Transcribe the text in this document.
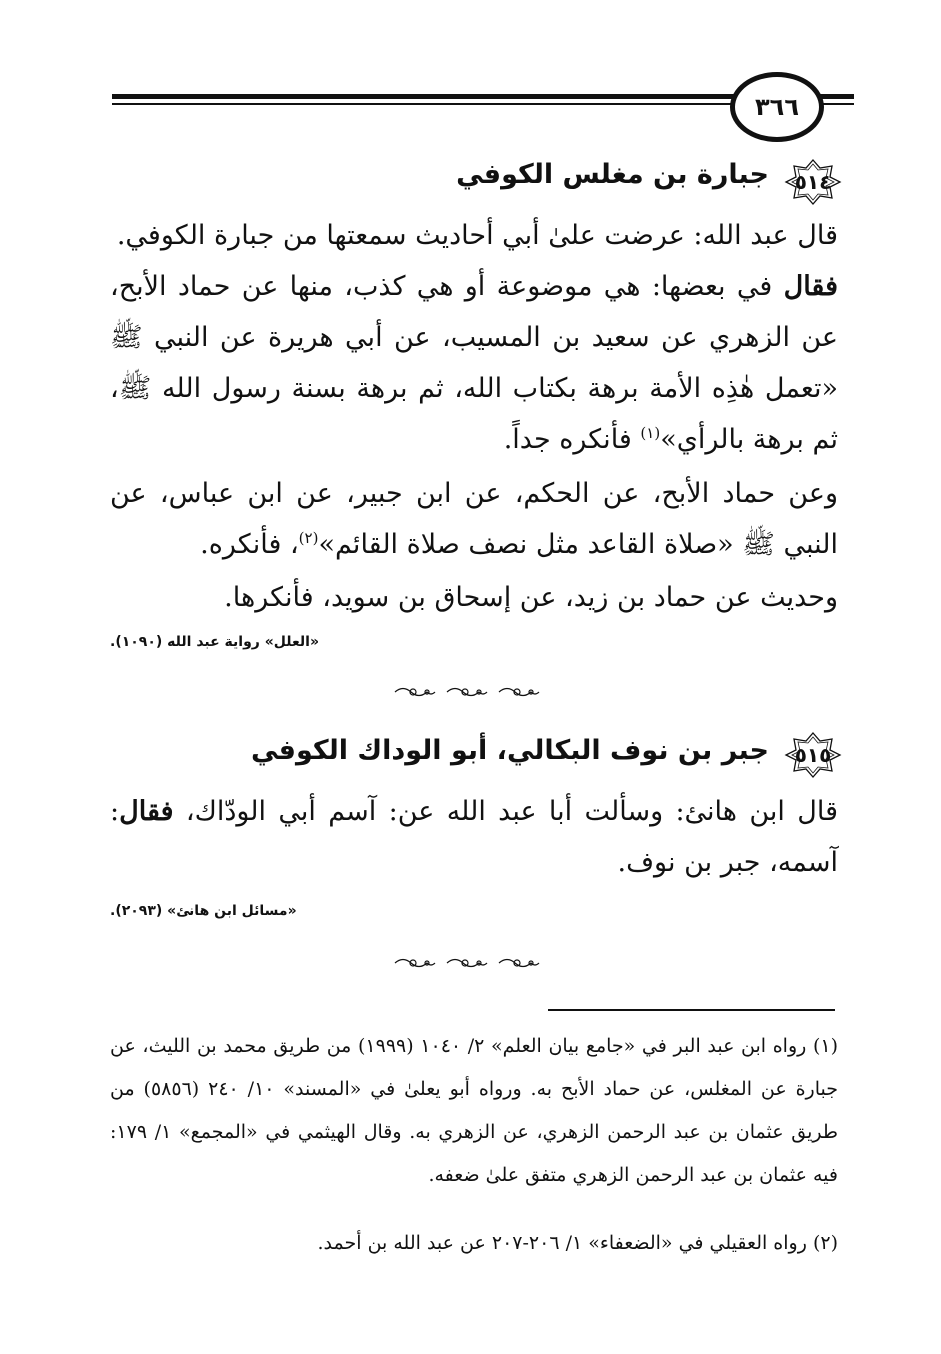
٣٦٦
٥١٤
جبارة بن مغلس الكوفي
قال عبد الله: عرضت علىٰ أبي أحاديث سمعتها من جبارة الكوفي.
فقال في بعضها: هي موضوعة أو هي كذب، منها عن حماد الأبح، عن الزهري عن سعيد بن المسيب، عن أبي هريرة عن النبي ﷺ «تعمل هٰذِه الأمة برهة بكتاب الله، ثم برهة بسنة رسول الله ﷺ، ثم برهة بالرأي»$^{(١)}$ فأنكره جداً.
وعن حماد الأبح، عن الحكم، عن ابن جبير، عن ابن عباس، عن النبي ﷺ «صلاة القاعد مثل نصف صلاة القائم»$^{(٢)}$، فأنكره.
وحديث عن حماد بن زيد، عن إسحاق بن سويد، فأنكرها.
«العلل» رواية عبد الله (١٠٩٠).
٥١٥
جبر بن نوف البكالي، أبو الوداك الكوفي
قال ابن هانئ: وسألت أبا عبد الله عن: آسم أبي الودّاك، فقال: آسمه، جبر بن نوف.
«مسائل ابن هانئ» (٢٠٩٣).
(١) رواه ابن عبد البر في «جامع بيان العلم» ٢/ ١٠٤٠ (١٩٩٩) من طريق محمد بن الليث، عن جبارة عن المغلس، عن حماد الأبح به. ورواه أبو يعلىٰ في «المسند» ١٠/ ٢٤٠ (٥٨٥٦) من طريق عثمان بن عبد الرحمن الزهري، عن الزهري به. وقال الهيثمي في «المجمع» ١/ ١٧٩: فيه عثمان بن عبد الرحمن الزهري متفق علىٰ ضعفه.
(٢) رواه العقيلي في «الضعفاء» ١/ ٢٠٦-٢٠٧ عن عبد الله بن أحمد.
